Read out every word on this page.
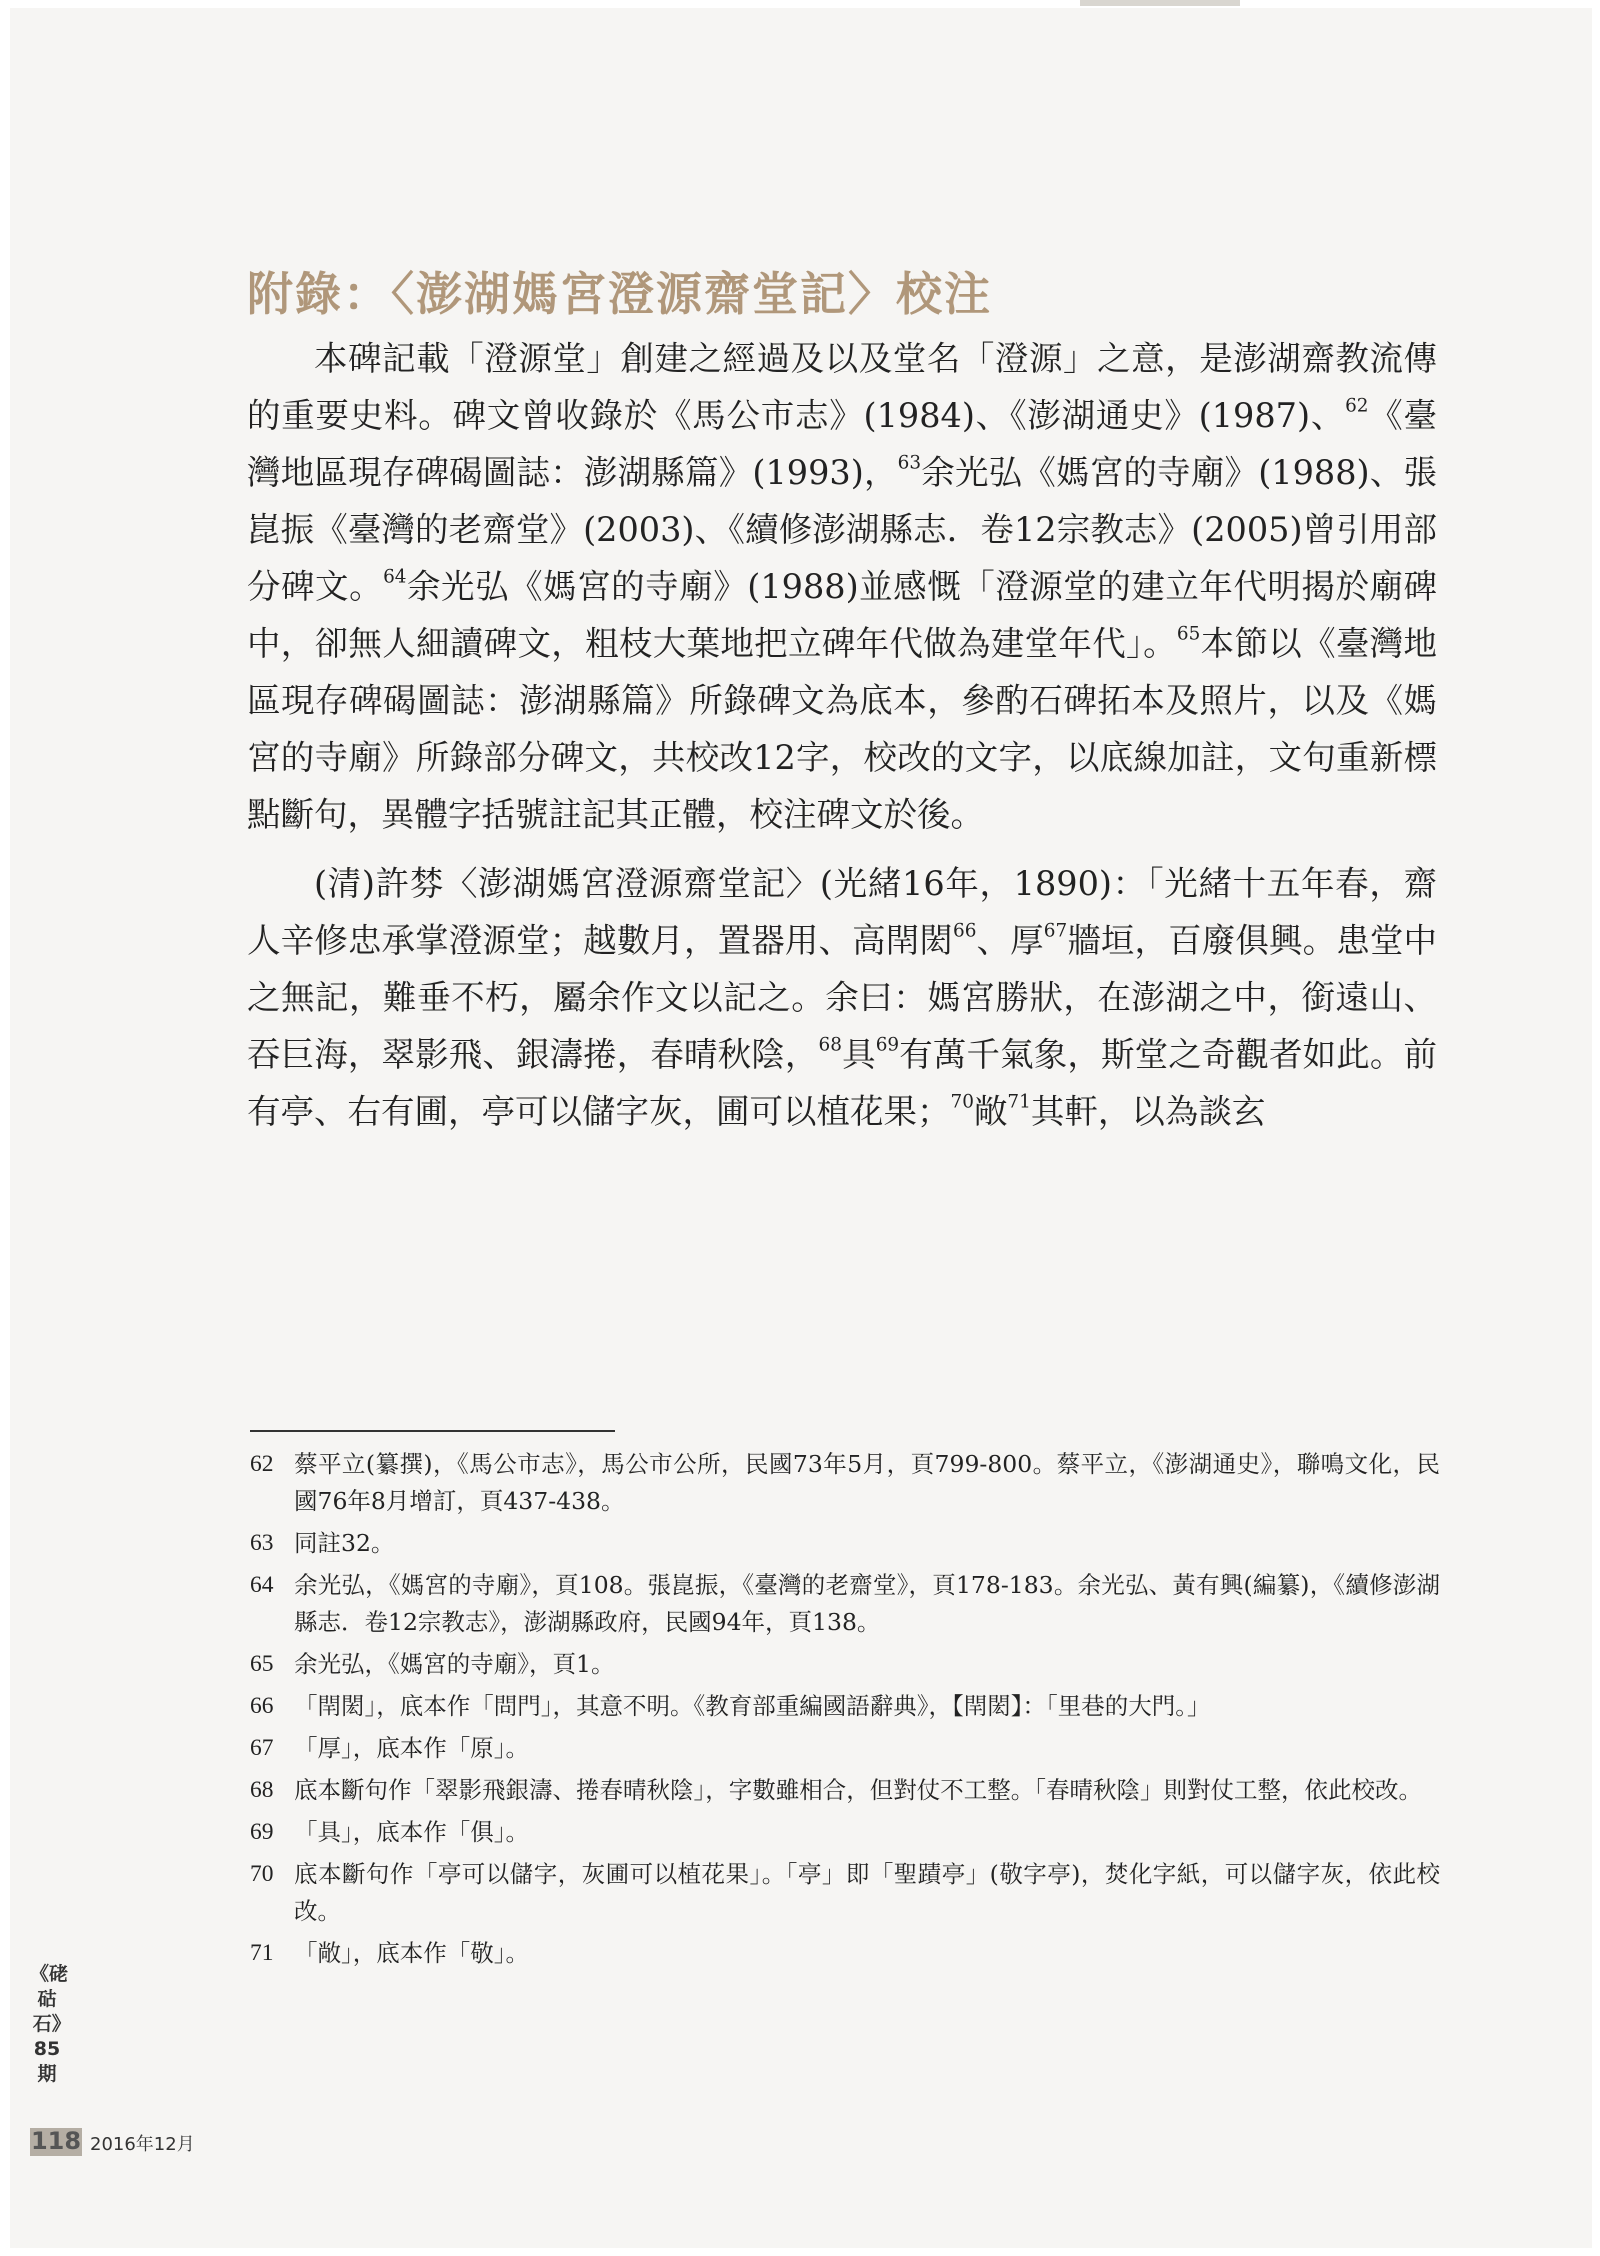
附錄：〈澎湖媽宮澄源齋堂記〉校注

本碑記載「澄源堂」創建之經過及以及堂名「澄源」之意，是澎湖齋教流傳的重要史料。碑文曾收錄於《馬公市志》(1984)、《澎湖通史》(1987)、$^{62}$《臺灣地區現存碑碣圖誌：澎湖縣篇》(1993)，$^{63}$余光弘《媽宮的寺廟》(1988)、張崑振《臺灣的老齋堂》(2003)、《續修澎湖縣志．卷12宗教志》(2005)曾引用部分碑文。$^{64}$余光弘《媽宮的寺廟》(1988)並感慨「澄源堂的建立年代明揭於廟碑中，卻無人細讀碑文，粗枝大葉地把立碑年代做為建堂年代」。$^{65}$本節以《臺灣地區現存碑碣圖誌：澎湖縣篇》所錄碑文為底本，參酌石碑拓本及照片，以及《媽宮的寺廟》所錄部分碑文，共校改12字，校改的文字，以底線加註，文句重新標點斷句，異體字括號註記其正體，校注碑文於後。

(清)許棼〈澎湖媽宮澄源齋堂記〉(光緒16年，1890)：「光緒十五年春，齋人辛修忠承掌澄源堂；越數月，置器用、高閈閎$^{66}$、厚$^{67}$牆垣，百廢俱興。患堂中之無記，難垂不朽，屬余作文以記之。余曰：媽宮勝狀，在澎湖之中，銜遠山、吞巨海，翠影飛、銀濤捲，春晴秋陰，$^{68}$具$^{69}$有萬千氣象，斯堂之奇觀者如此。前有亭、右有圃，亭可以儲字灰，圃可以植花果；$^{70}$敞$^{71}$其軒，以為談玄

62 蔡平立(纂撰)，《馬公市志》，馬公市公所，民國73年5月，頁799-800。蔡平立，《澎湖通史》，聯鳴文化，民國76年8月增訂，頁437-438。
63 同註32。
64 余光弘，《媽宮的寺廟》，頁108。張崑振，《臺灣的老齋堂》，頁178-183。余光弘、黃有興(編纂)，《續修澎湖縣志．卷12宗教志》，澎湖縣政府，民國94年，頁138。
65 余光弘，《媽宮的寺廟》，頁1。
66 「閈閎」，底本作「問門」，其意不明。《教育部重編國語辭典》，【閈閎】：「里巷的大門。」
67 「厚」，底本作「原」。
68 底本斷句作「翠影飛銀濤、捲春晴秋陰」，字數雖相合，但對仗不工整。「春晴秋陰」則對仗工整，依此校改。
69 「具」，底本作「俱」。
70 底本斷句作「亭可以儲字，灰圃可以植花果」。「亭」即「聖蹟亭」(敬字亭)，焚化字紙，可以儲字灰，依此校改。
71 「敞」，底本作「敬」。
《硓𥑮石》85期
118 2016年12月
